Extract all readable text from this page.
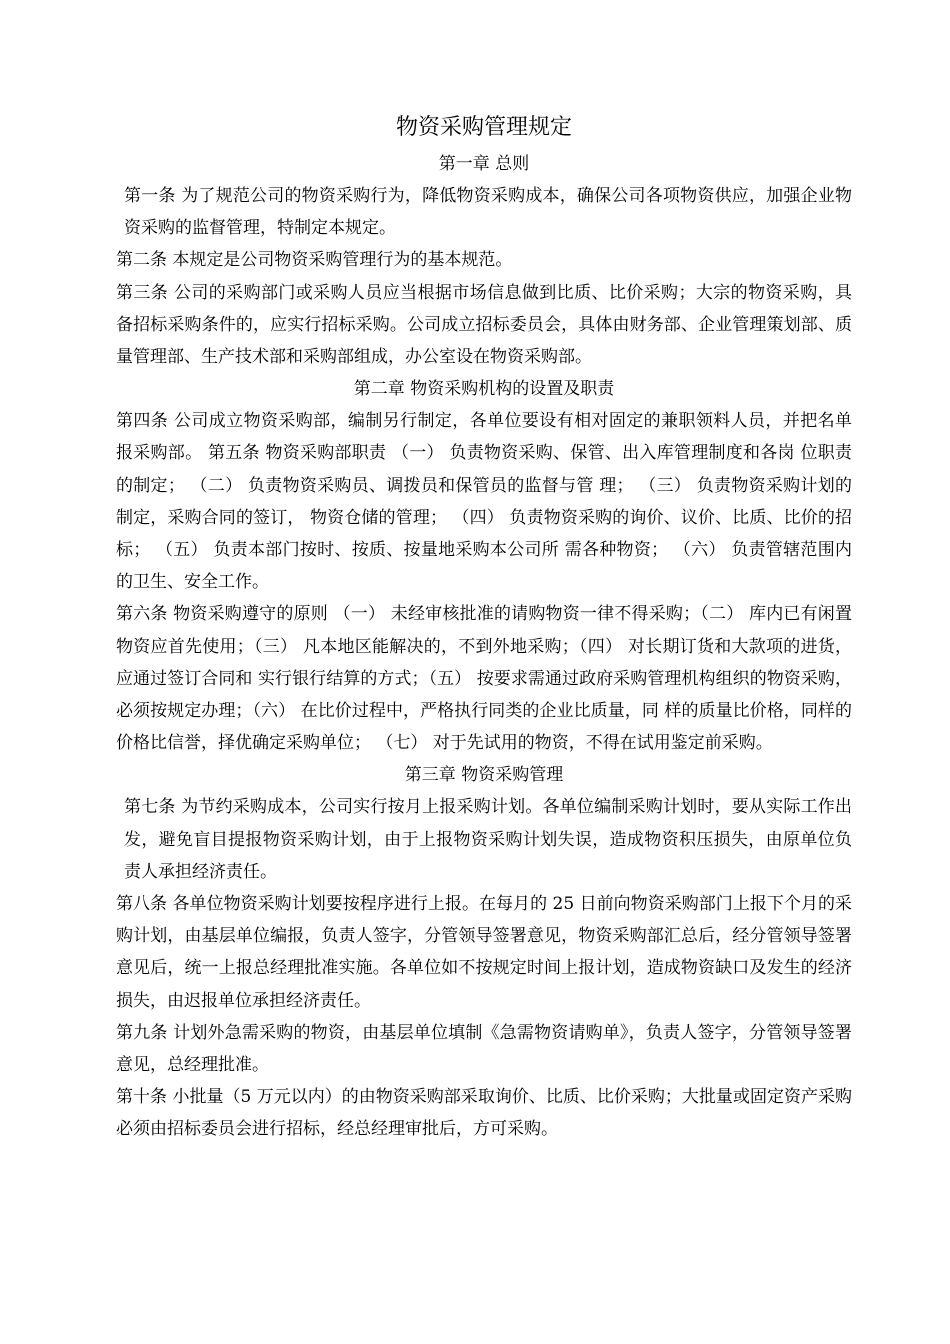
物资采购管理规定
第一章 总则

第一条 为了规范公司的物资采购行为，降低物资采购成本，确保公司各项物资供应，加强企业物资采购的监督管理，特制定本规定。

第二条 本规定是公司物资采购管理行为的基本规范。

第三条 公司的采购部门或采购人员应当根据市场信息做到比质、比价采购；大宗的物资采购，具备招标采购条件的，应实行招标采购。公司成立招标委员会，具体由财务部、企业管理策划部、质量管理部、生产技术部和采购部组成，办公室设在物资采购部。

第二章 物资采购机构的设置及职责

第四条 公司成立物资采购部，编制另行制定，各单位要设有相对固定的兼职领料人员，并把名单报采购部。 第五条 物资采购部职责 （一） 负责物资采购、保管、出入库管理制度和各岗 位职责的制定； （二） 负责物资采购员、调拨员和保管员的监督与管 理； （三） 负责物资采购计划的制定，采购合同的签订， 物资仓储的管理； （四） 负责物资采购的询价、议价、比质、比价的招 标； （五） 负责本部门按时、按质、按量地采购本公司所 需各种物资； （六） 负责管辖范围内的卫生、安全工作。

第六条 物资采购遵守的原则 （一） 未经审核批准的请购物资一律不得采购；（二） 库内已有闲置物资应首先使用；（三） 凡本地区能解决的，不到外地采购；（四） 对长期订货和大款项的进货，应通过签订合同和 实行银行结算的方式；（五） 按要求需通过政府采购管理机构组织的物资采购，必须按规定办理；（六） 在比价过程中，严格执行同类的企业比质量，同 样的质量比价格，同样的价格比信誉，择优确定采购单位； （七） 对于先试用的物资，不得在试用鉴定前采购。

第三章 物资采购管理

第七条 为节约采购成本，公司实行按月上报采购计划。各单位编制采购计划时，要从实际工作出发，避免盲目提报物资采购计划，由于上报物资采购计划失误，造成物资积压损失，由原单位负责人承担经济责任。

第八条 各单位物资采购计划要按程序进行上报。在每月的 25 日前向物资采购部门上报下个月的采购计划，由基层单位编报，负责人签字，分管领导签署意见，物资采购部汇总后，经分管领导签署意见后，统一上报总经理批准实施。各单位如不按规定时间上报计划，造成物资缺口及发生的经济损失，由迟报单位承担经济责任。

第九条 计划外急需采购的物资，由基层单位填制《急需物资请购单》，负责人签字，分管领导签署意见，总经理批准。

第十条 小批量（5 万元以内）的由物资采购部采取询价、比质、比价采购；大批量或固定资产采购必须由招标委员会进行招标，经总经理审批后，方可采购。
